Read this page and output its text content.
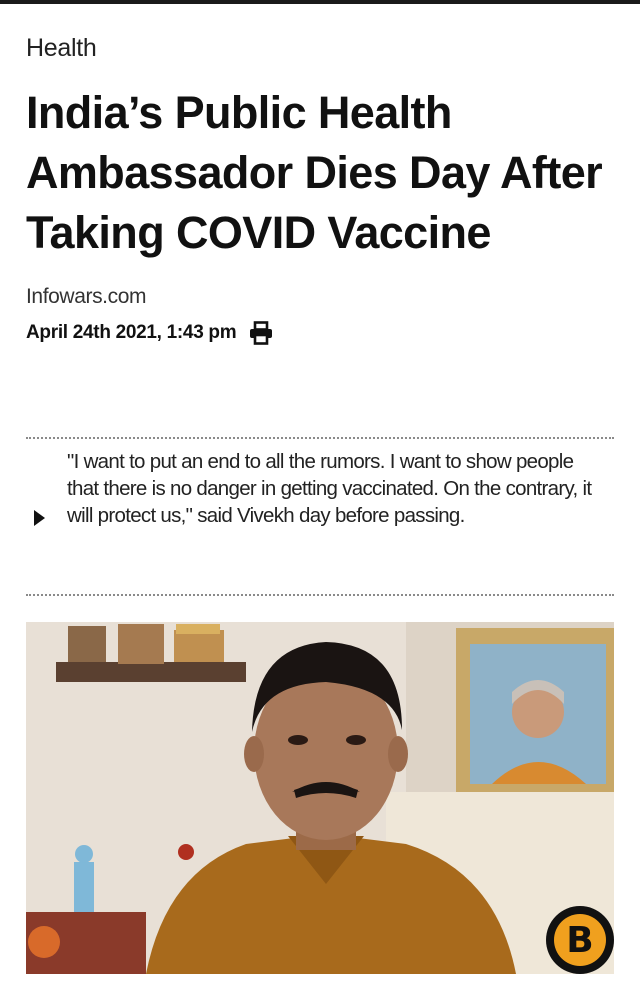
Health
India’s Public Health Ambassador Dies Day After Taking COVID Vaccine
Infowars.com
April 24th 2021, 1:43 pm
"I want to put an end to all the rumors. I want to show people that there is no danger in getting vaccinated. On the contrary, it will protect us," said Vivekh day before passing.
B
